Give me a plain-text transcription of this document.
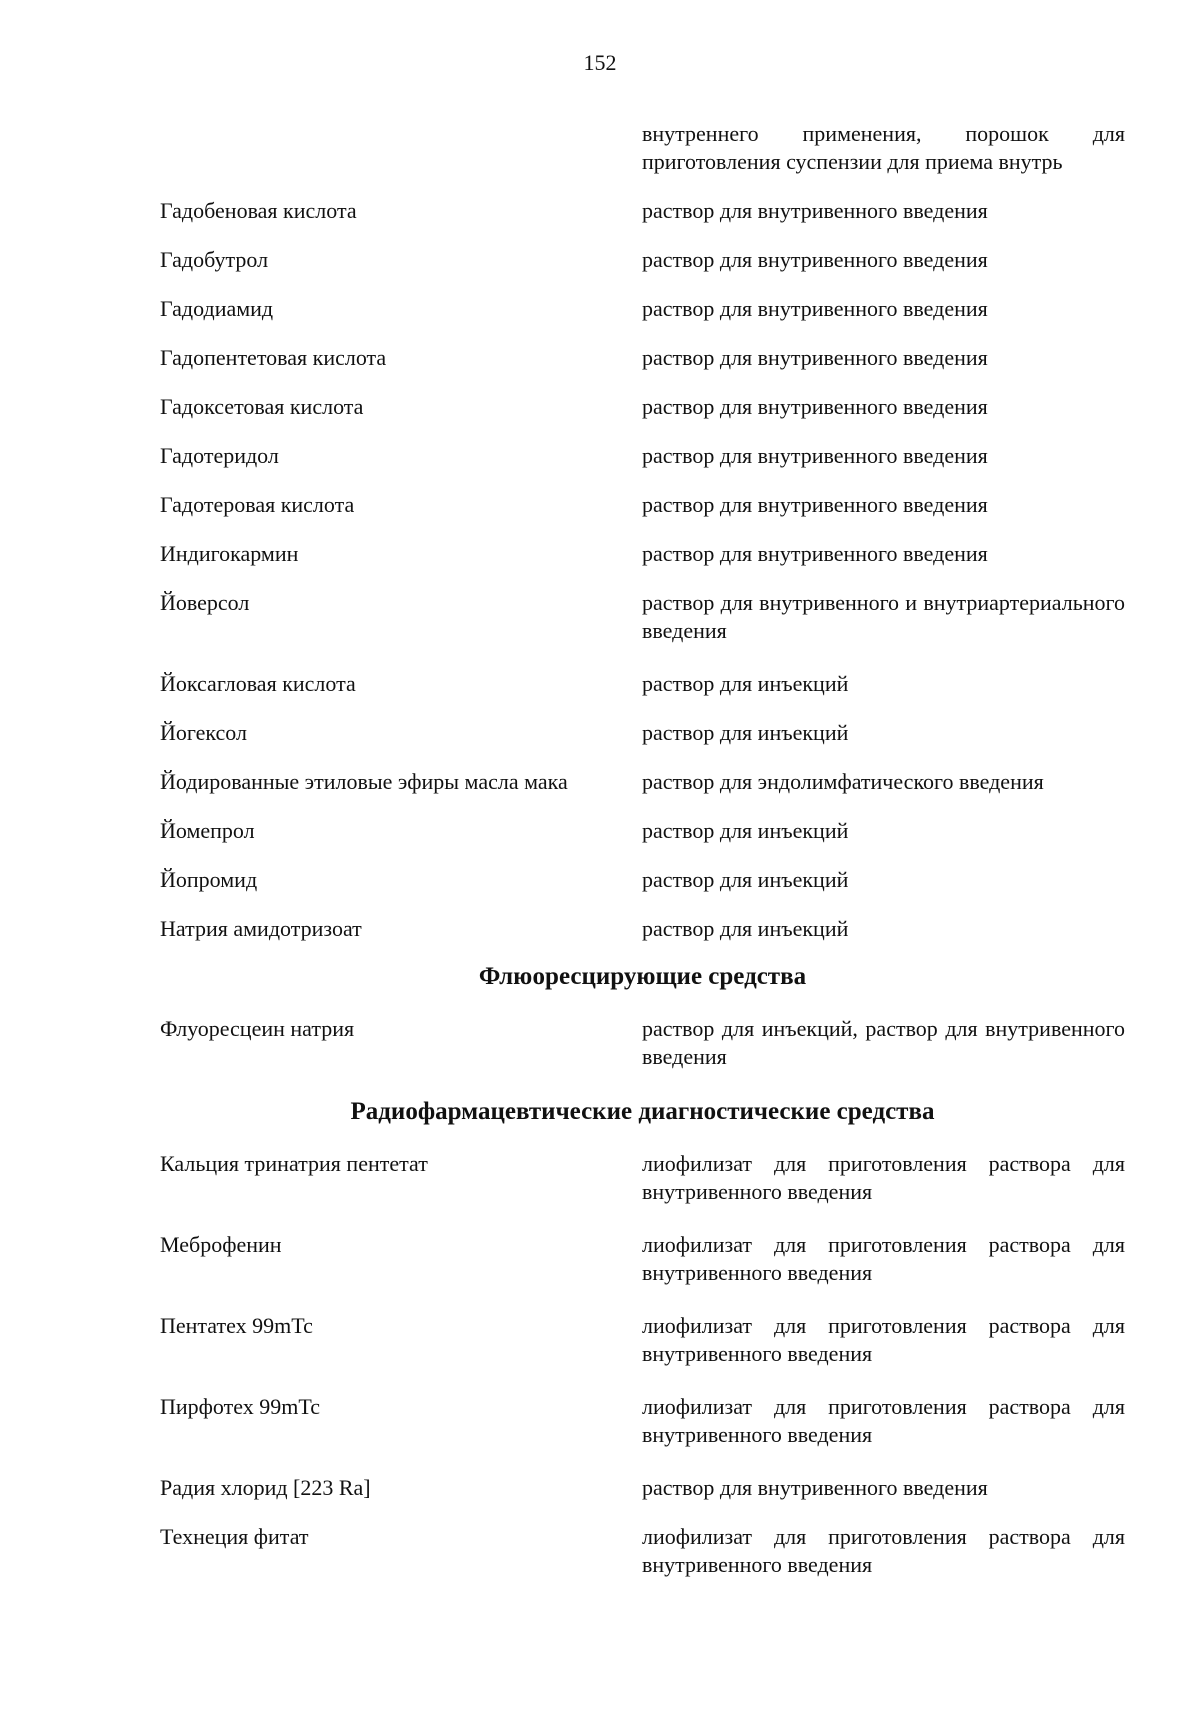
152
внутреннего применения, порошок для приготовления суспензии для приема внутрь
Гадобеновая кислота	раствор для внутривенного введения
Гадобутрол	раствор для внутривенного введения
Гадодиамид	раствор для внутривенного введения
Гадопентетовая кислота	раствор для внутривенного введения
Гадоксетовая кислота	раствор для внутривенного введения
Гадотеридол	раствор для внутривенного введения
Гадотеровая кислота	раствор для внутривенного введения
Индигокармин	раствор для внутривенного введения
Йоверсол	раствор для внутривенного и внутриартериального введения
Йоксагловая кислота	раствор для инъекций
Йогексол	раствор для инъекций
Йодированные этиловые эфиры масла мака	раствор для эндолимфатического введения
Йомепрол	раствор для инъекций
Йопромид	раствор для инъекций
Натрия амидотризоат	раствор для инъекций
Флюоресцирующие средства
Флуоресцеин натрия	раствор для инъекций, раствор для внутривенного введения
Радиофармацевтические диагностические средства
Кальция тринатрия пентетат	лиофилизат для приготовления раствора для внутривенного введения
Меброфенин	лиофилизат для приготовления раствора для внутривенного введения
Пентатех 99mTc	лиофилизат для приготовления раствора для внутривенного введения
Пирфотех 99mTc	лиофилизат для приготовления раствора для внутривенного введения
Радия хлорид [223 Ra]	раствор для внутривенного введения
Технеция фитат	лиофилизат для приготовления раствора для внутривенного введения
